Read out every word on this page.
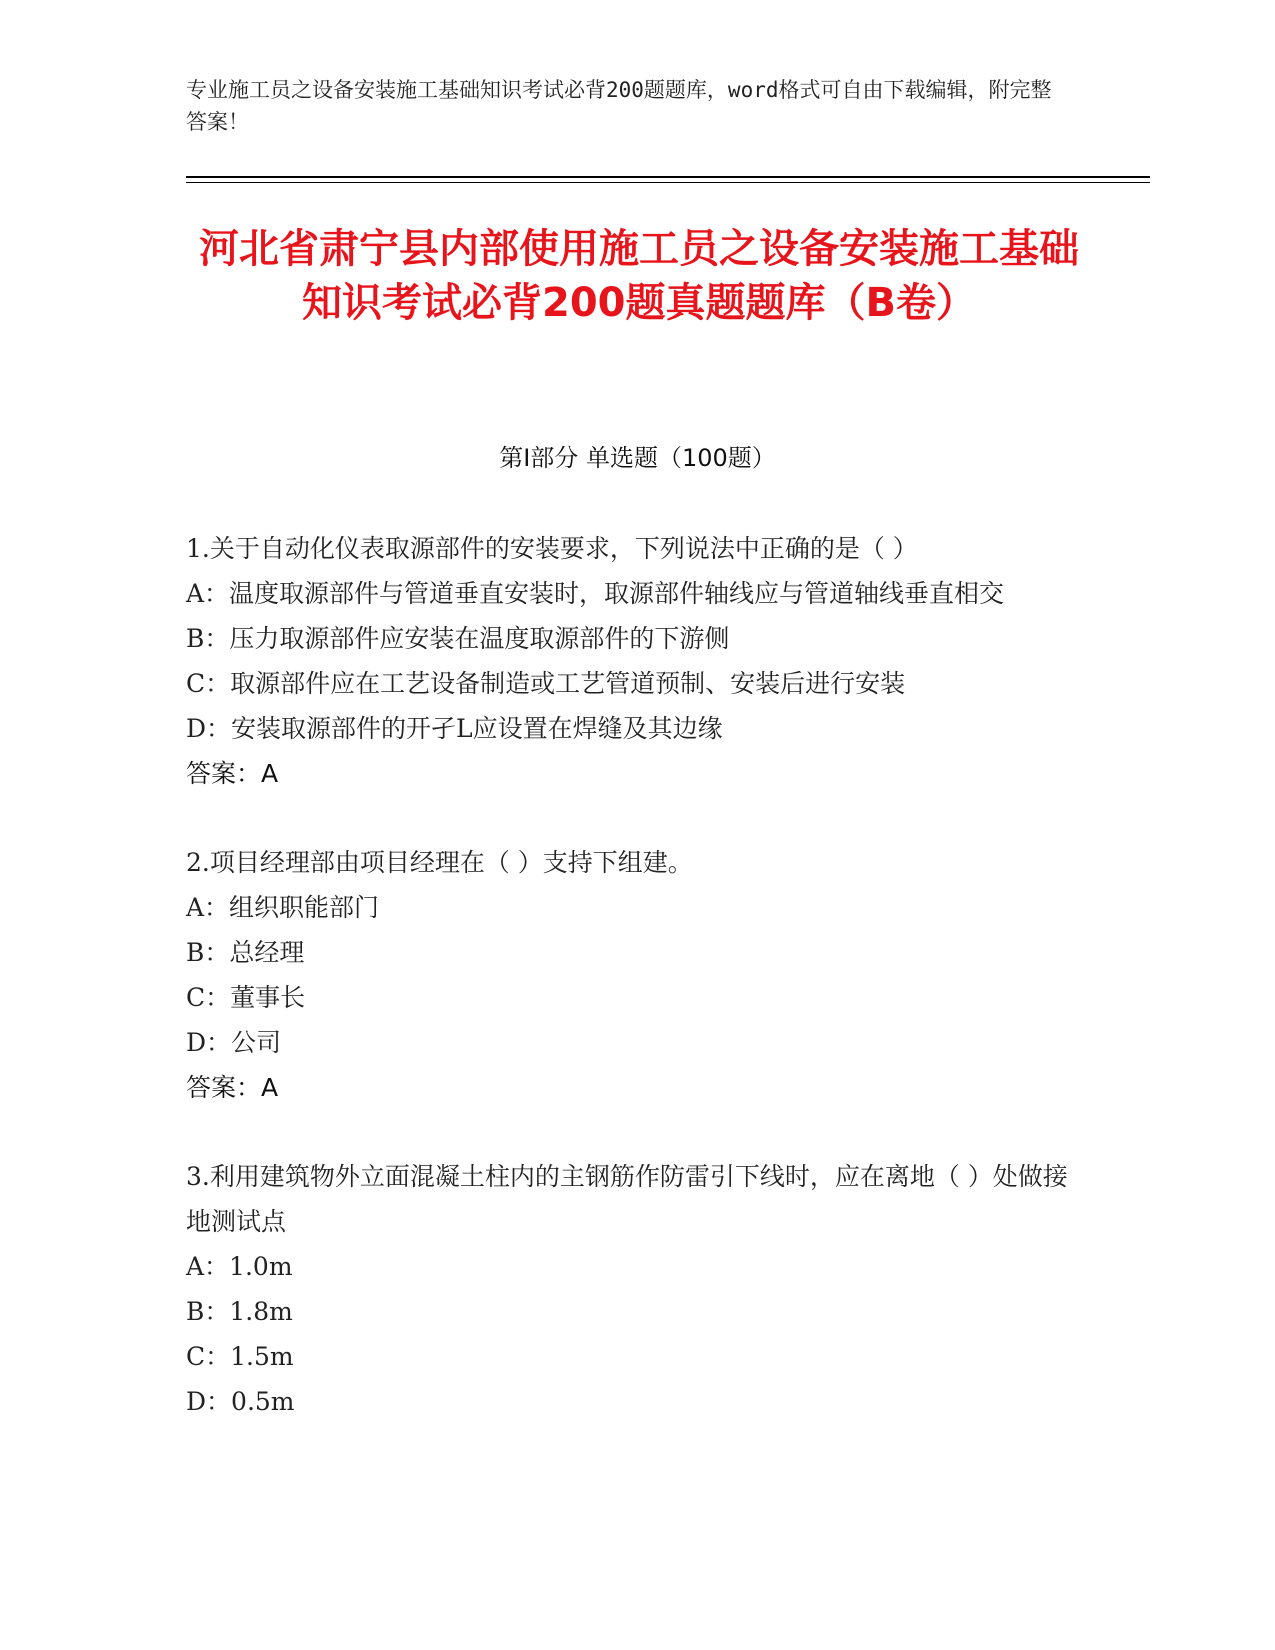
专业施工员之设备安装施工基础知识考试必背200题题库，word格式可自由下载编辑，附完整答案！
河北省肃宁县内部使用施工员之设备安装施工基础知识考试必背200题真题题库（B卷）
第Ⅰ部分 单选题（100题）
1.关于自动化仪表取源部件的安装要求，下列说法中正确的是（ ）
A：温度取源部件与管道垂直安装时，取源部件轴线应与管道轴线垂直相交
B：压力取源部件应安装在温度取源部件的下游侧
C：取源部件应在工艺设备制造或工艺管道预制、安装后进行安装
D：安装取源部件的开孑L应设置在焊缝及其边缘
答案：A
2.项目经理部由项目经理在（ ）支持下组建。
A：组织职能部门
B：总经理
C：董事长
D：公司
答案：A
3.利用建筑物外立面混凝土柱内的主钢筋作防雷引下线时，应在离地（ ）处做接地测试点
A：1.0m
B：1.8m
C：1.5m
D：0.5m
